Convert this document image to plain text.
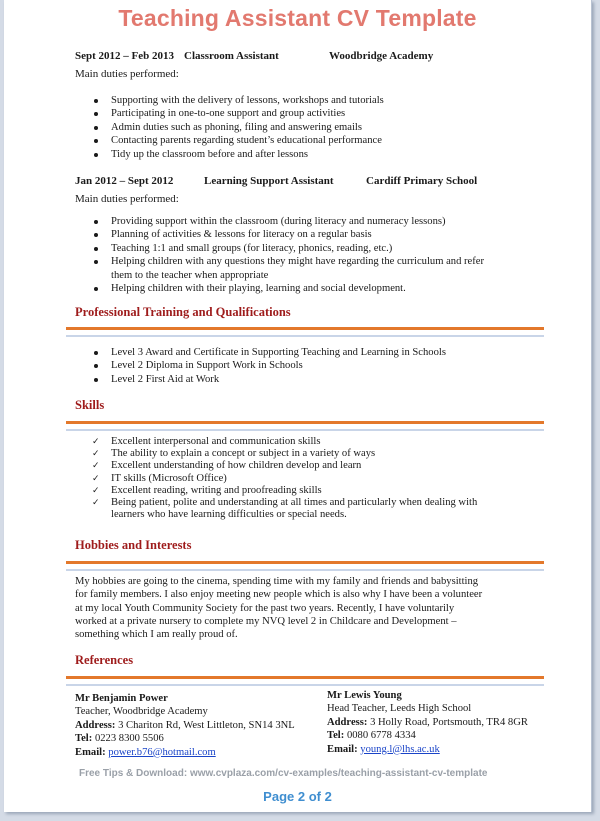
Teaching Assistant CV Template
Sept 2012 – Feb 2013 Classroom Assistant	Woodbridge Academy
Main duties performed:
Supporting with the delivery of lessons, workshops and tutorials
Participating in one-to-one support and group activities
Admin duties such as phoning, filing and answering emails
Contacting parents regarding student’s educational performance
Tidy up the classroom before and after lessons
Jan 2012 – Sept 2012	Learning Support Assistant	Cardiff Primary School
Main duties performed:
Providing support within the classroom (during literacy and numeracy lessons)
Planning of activities & lessons for literacy on a regular basis
Teaching 1:1 and small groups (for literacy, phonics, reading, etc.)
Helping children with any questions they might have regarding the curriculum and refer
them to the teacher when appropriate
Helping children with their playing, learning and social development.
Professional Training and Qualifications
Level 3 Award and Certificate in Supporting Teaching and Learning in Schools
Level 2 Diploma in Support Work in Schools
Level 2 First Aid at Work
Skills
✓ Excellent interpersonal and communication skills
✓ The ability to explain a concept or subject in a variety of ways
✓ Excellent understanding of how children develop and learn
✓ IT skills (Microsoft Office)
✓ Excellent reading, writing and proofreading skills
✓ Being patient, polite and understanding at all times and particularly when dealing with
learners who have learning difficulties or special needs.
Hobbies and Interests
My hobbies are going to the cinema, spending time with my family and friends and babysitting
for family members. I also enjoy meeting new people which is also why I have been a volunteer
at my local Youth Community Society for the past two years. Recently, I have voluntarily
worked at a private nursery to complete my NVQ level 2 in Childcare and Development –
something which I am really proud of.
References
Mr Benjamin Power
Teacher, Woodbridge Academy
Address: 3 Chariton Rd, West Littleton, SN14 3NL
Tel: 0223 8300 5506
Email: power.b76@hotmail.com
Mr Lewis Young
Head Teacher, Leeds High School
Address: 3 Holly Road, Portsmouth, TR4 8GR
Tel: 0080 6778 4334
Email: young.l@lhs.ac.uk
Free Tips & Download: www.cvplaza.com/cv-examples/teaching-assistant-cv-template
Page 2 of 2
